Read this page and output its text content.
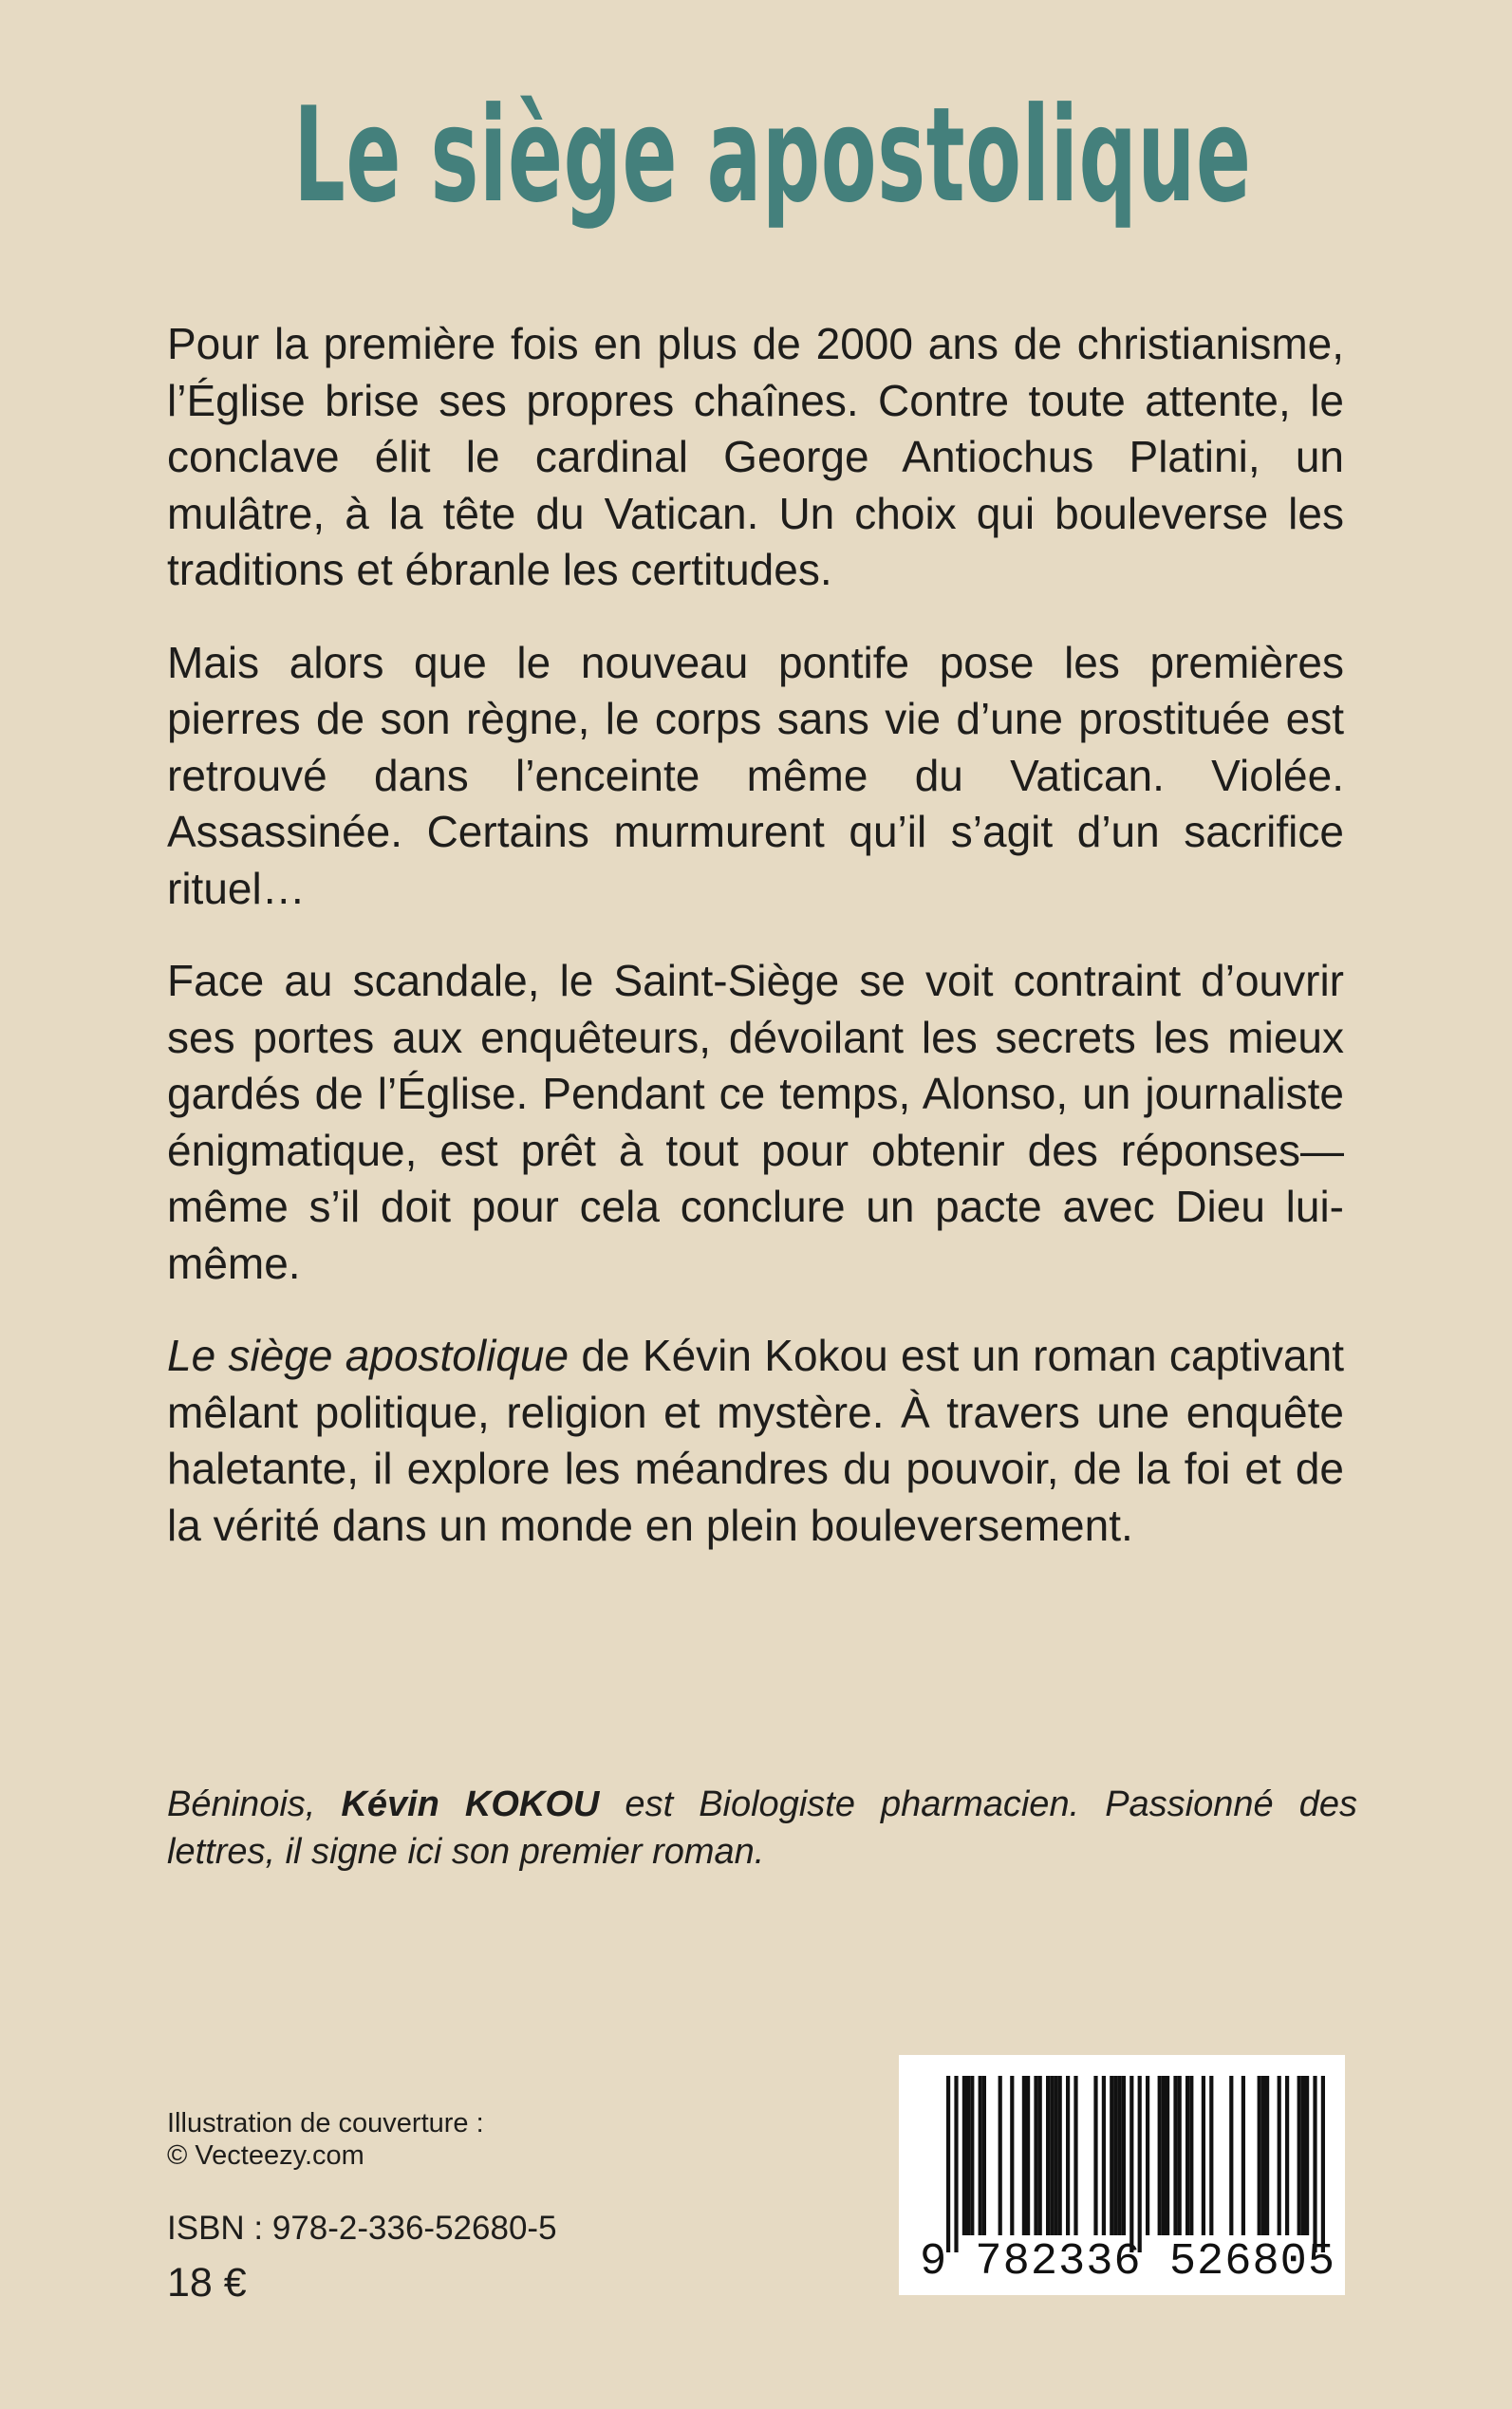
Le siège apostolique

Pour la première fois en plus de 2000 ans de christianisme, l’Église brise ses propres chaînes. Contre toute attente, le conclave élit le cardinal George Antiochus Platini, un mulâtre, à la tête du Vatican. Un choix qui bouleverse les traditions et ébranle les certitudes.

Mais alors que le nouveau pontife pose les premières pierres de son règne, le corps sans vie d’une prostituée est retrouvé dans l’enceinte même du Vatican. Violée. Assassinée. Certains murmurent qu’il s’agit d’un sacrifice rituel…

Face au scandale, le Saint-Siège se voit contraint d’ouvrir ses portes aux enquêteurs, dévoilant les secrets les mieux gardés de l’Église. Pendant ce temps, Alonso, un journaliste énigmatique, est prêt à tout pour obtenir des réponses—même s’il doit pour cela conclure un pacte avec Dieu lui-même.

Le siège apostolique de Kévin Kokou est un roman captivant mêlant politique, religion et mystère. À travers une enquête haletante, il explore les méandres du pouvoir, de la foi et de la vérité dans un monde en plein bouleversement.

Béninois, Kévin KOKOU est Biologiste pharmacien. Passionné des lettres, il signe ici son premier roman.
Illustration de couverture :
© Vecteezy.com
ISBN : 978-2-336-52680-5
18 €	9 782336 526805
